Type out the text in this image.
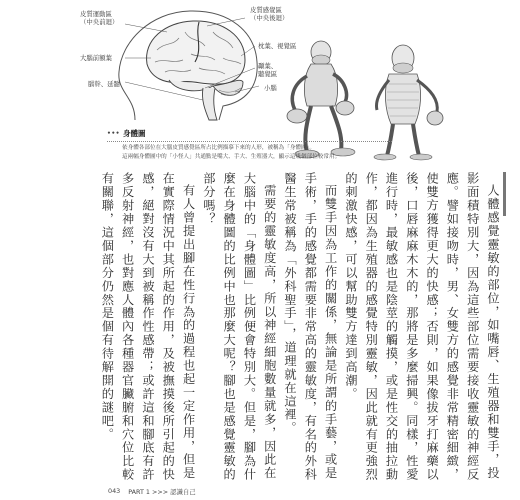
皮質運動區
（中央前迴）
大腦前額葉
腦幹、延髓
皮質感覺區
（中央後迴）
枕葉、視覺區
顳葉、
聽覺區
小腦
••• 身體圖
依身體各部位在大腦皮質感覺區所占比例描摹下來的人形，被稱為「身體圖」。
這兩幅身體圖中的「小怪人」共通點是嘴大、手大、生殖器大，顯示這幾個部位較常用。

人體感覺靈敏的部位，如嘴唇、生殖器和雙手，投影面積特別大，因為這些部位需要接收靈敏的神經反應。譬如接吻時，男、女雙方的感覺非常精密細緻，使雙方獲得更大的快感；否則，如果像拔牙打麻藥以後，口唇麻麻木木的，那將是多麼掃興。同樣，性愛進行時，最敏感也是陰莖的觸摸，或是性交的抽拉動作，都因為生殖器的感覺特別靈敏，因此就有更強烈的刺激快感，可以幫助雙方達到高潮。

而雙手因為工作的關係，無論是所謂的手藝，或是手術，手的感覺都需要非常高的靈敏度，有名的外科醫生常被稱為「外科聖手」，道理就在這裡。

需要的靈敏度高，所以神經細胞數量就多，因此在大腦中的「身體圖」比例便會特別大。但是，腳為什麼在身體圖的比例中也那麼大呢？腳也是感覺靈敏的部分嗎？

有人曾提出腳在性行為的過程也起一定作用，但是在實際情況中其所起的作用，及被撫摸後所引起的快感，絕對沒有大到被稱作性感帶；或許這和腳底有許多反射神經，也對應人體內各種器官臟腑和穴位比較有關聯，這個部分仍然是個有待解開的謎吧。

043 PART 1 >>> 認識自己
